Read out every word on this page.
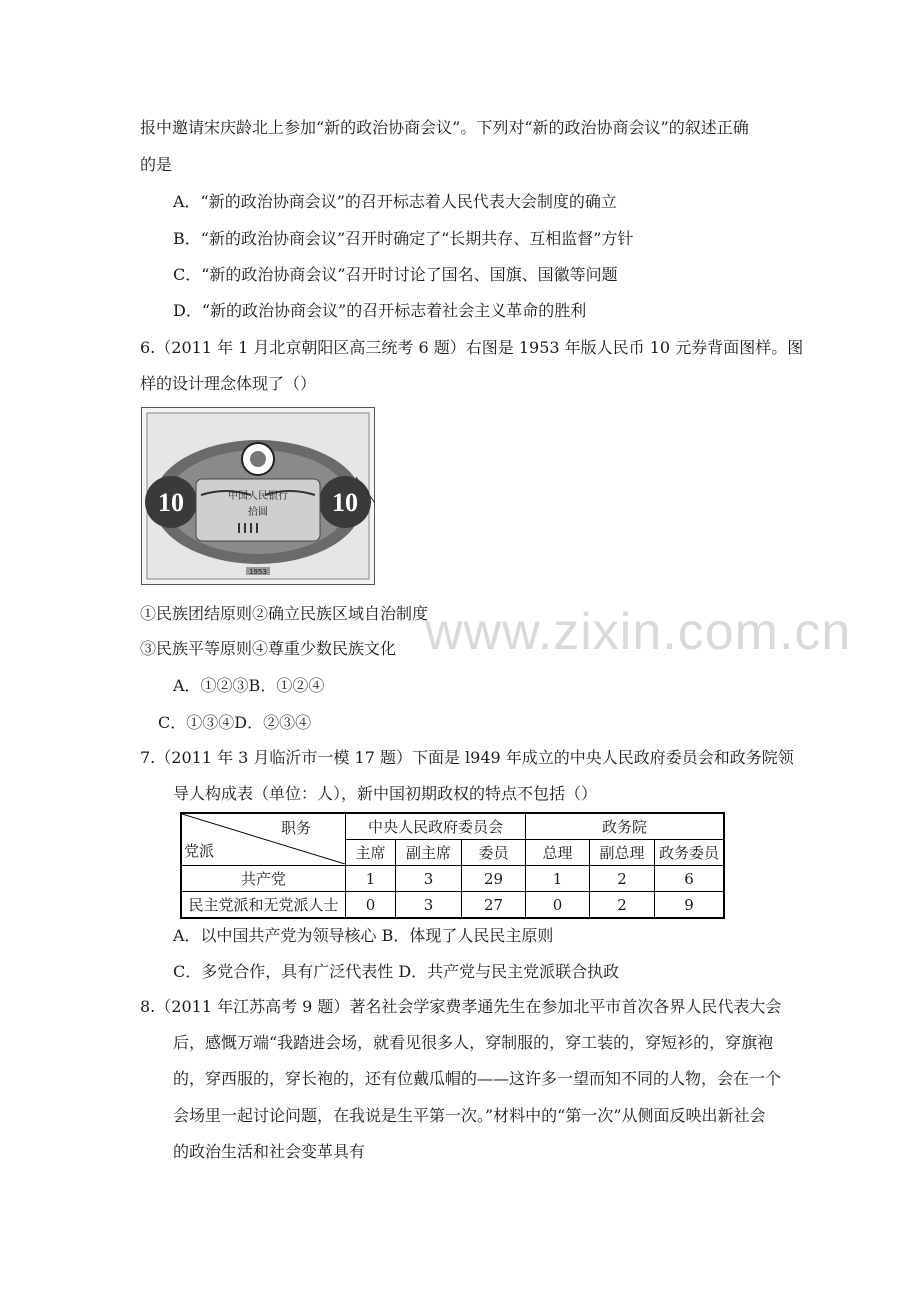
报中邀请宋庆龄北上参加“新的政治协商会议”。下列对“新的政治协商会议”的叙述正确
的是
A．“新的政治协商会议”的召开标志着人民代表大会制度的确立
B．“新的政治协商会议”召开时确定了“长期共存、互相监督”方针
C．“新的政治协商会议”召开时讨论了国名、国旗、国徽等问题
D．“新的政治协商会议”的召开标志着社会主义革命的胜利
6.（2011 年 1 月北京朝阳区高三统考 6 题）右图是 1953 年版人民币 10 元券背面图样。图
样的设计理念体现了（）
10	10
中国人民银行
拾圆
1953
①民族团结原则②确立民族区域自治制度
③民族平等原则④尊重少数民族文化
A．①②③B．①②④
C．①③④D．②③④
www.zixin.com.cn
7.（2011 年 3 月临沂市一模 17 题）下面是 l949 年成立的中央人民政府委员会和政务院领
导人构成表（单位：人），新中国初期政权的特点不包括（）
职务
党派	中央人民政府委员会			政务院		
	主席	副主席	委员	总理	副总理	政务委员
共产党	1	3	29	1	2	6
民主党派和无党派人士	0	3	27	0	2	9
A．以中国共产党为领导核心 B．体现了人民民主原则
C．多党合作，具有广泛代表性 D．共产党与民主党派联合执政
8.（2011 年江苏高考 9 题）著名社会学家费孝通先生在参加北平市首次各界人民代表大会
后，感慨万端“我踏进会场，就看见很多人，穿制服的，穿工装的，穿短衫的，穿旗袍
的，穿西服的，穿长袍的，还有位戴瓜帽的——这许多一望而知不同的人物，会在一个
会场里一起讨论问题，在我说是生平第一次。”材料中的“第一次”从侧面反映出新社会
的政治生活和社会变革具有
